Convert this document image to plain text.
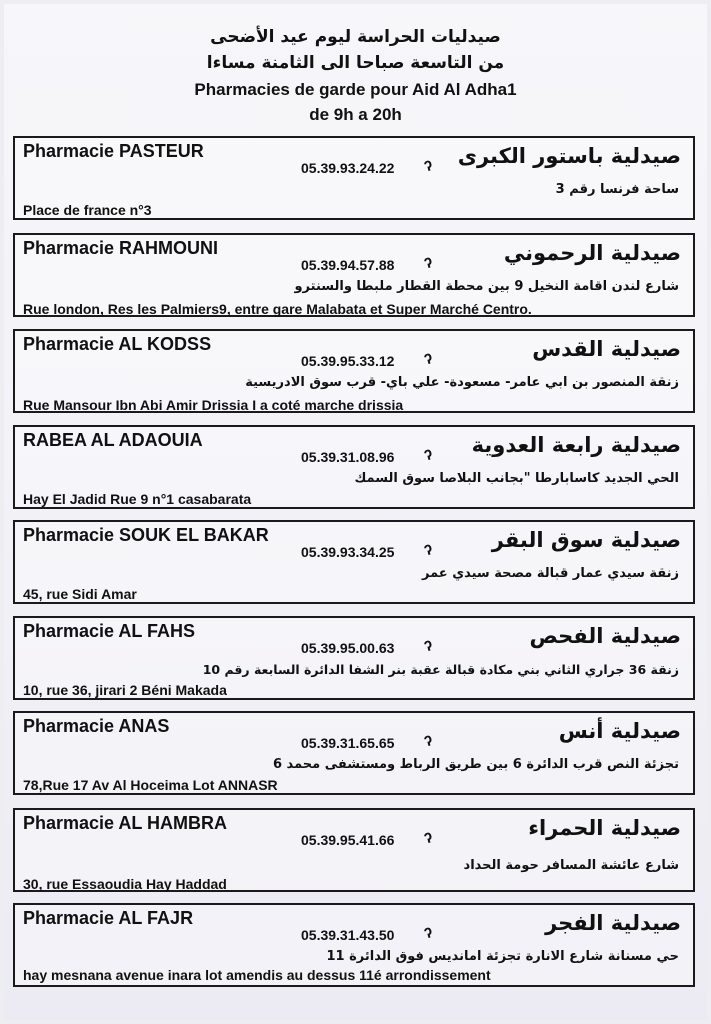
صيدليات الحراسة ليوم عيد الأضحى
من التاسعة صباحا الى الثامنة مساءا
Pharmacies de garde pour Aid Al Adha1
de 9h a 20h
Pharmacie PASTEUR	صيدلية باستور الكبرى
05.39.93.24.22 ˀ
ساحة فرنسا رقم 3
Place de france n°3
Pharmacie RAHMOUNI	صيدلية الرحموني
05.39.94.57.88 ˀ
شارع لندن اقامة النخيل 9 بين محطة القطار ملبطا والسنترو
Rue london, Res les Palmiers9, entre gare Malabata et Super Marché Centro.
Pharmacie AL KODSS	صيدلية القدس
05.39.95.33.12 ˀ
زنقة المنصور بن ابي عامر- مسعودة- علي باي- قرب سوق الادريسية
Rue Mansour Ibn Abi Amir Drissia I a coté marche drissia
RABEA AL ADAOUIA	صيدلية رابعة العدوية
05.39.31.08.96 ˀ
الحي الجديد كاسابارطا "بجانب البلاصا سوق السمك
Hay El Jadid Rue 9 n°1 casabarata
Pharmacie SOUK EL BAKAR	صيدلية سوق البقر
05.39.93.34.25 ˀ
زنقة سيدي عمار قبالة مصحة سيدي عمر
45, rue Sidi Amar
Pharmacie AL FAHS	صيدلية الفحص
05.39.95.00.63 ˀ
زنقة 36 جراري الثاني بني مكادة قبالة عقبة بنر الشفا الدائرة السابعة رقم 10
10, rue 36, jirari 2 Béni Makada
Pharmacie ANAS	صيدلية أنس
05.39.31.65.65 ˀ
تجزئة النص قرب الدائرة 6 بين طريق الرباط ومستشفى محمد 6
78,Rue 17 Av Al Hoceima Lot ANNASR
Pharmacie AL HAMBRA	صيدلية الحمراء
05.39.95.41.66 ˀ
شارع عائشة المسافر حومة الحداد
30, rue Essaoudia Hay Haddad
Pharmacie AL FAJR	صيدلية الفجر
05.39.31.43.50 ˀ
حي مسنانة شارع الانارة تجزئة امانديس فوق الدائرة 11
hay mesnana avenue inara lot amendis au dessus 11é arrondissement
